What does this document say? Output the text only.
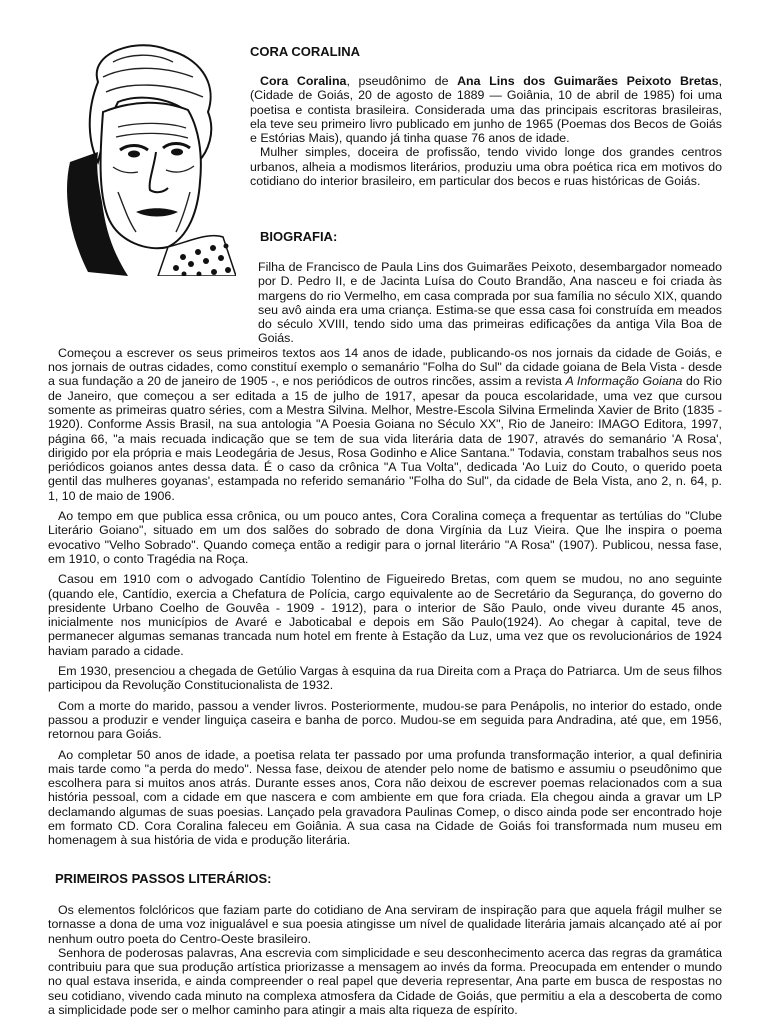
CORA CORALINA

Cora Coralina, pseudônimo de Ana Lins dos Guimarães Peixoto Bretas, (Cidade de Goiás, 20 de agosto de 1889 — Goiânia, 10 de abril de 1985) foi uma poetisa e contista brasileira. Considerada uma das principais escritoras brasileiras, ela teve seu primeiro livro publicado em junho de 1965 (Poemas dos Becos de Goiás e Estórias Mais), quando já tinha quase 76 anos de idade.

Mulher simples, doceira de profissão, tendo vivido longe dos grandes centros urbanos, alheia a modismos literários, produziu uma obra poética rica em motivos do cotidiano do interior brasileiro, em particular dos becos e ruas históricas de Goiás.

BIOGRAFIA:

Filha de Francisco de Paula Lins dos Guimarães Peixoto, desembargador nomeado por D. Pedro II, e de Jacinta Luísa do Couto Brandão, Ana nasceu e foi criada às margens do rio Vermelho, em casa comprada por sua família no século XIX, quando seu avô ainda era uma criança. Estima-se que essa casa foi construída em meados do século XVIII, tendo sido uma das primeiras edificações da antiga Vila Boa de Goiás.

Começou a escrever os seus primeiros textos aos 14 anos de idade, publicando-os nos jornais da cidade de Goiás, e nos jornais de outras cidades, como constituí exemplo o semanário "Folha do Sul" da cidade goiana de Bela Vista - desde a sua fundação a 20 de janeiro de 1905 -, e nos periódicos de outros rincões, assim a revista A Informação Goiana do Rio de Janeiro, que começou a ser editada a 15 de julho de 1917, apesar da pouca escolaridade, uma vez que cursou somente as primeiras quatro séries, com a Mestra Silvina. Melhor, Mestre-Escola Silvina Ermelinda Xavier de Brito (1835 - 1920). Conforme Assis Brasil, na sua antologia "A Poesia Goiana no Século XX", Rio de Janeiro: IMAGO Editora, 1997, página 66, "a mais recuada indicação que se tem de sua vida literária data de 1907, através do semanário 'A Rosa', dirigido por ela própria e mais Leodegária de Jesus, Rosa Godinho e Alice Santana." Todavia, constam trabalhos seus nos periódicos goianos antes dessa data. É o caso da crônica "A Tua Volta", dedicada 'Ao Luiz do Couto, o querido poeta gentil das mulheres goyanas', estampada no referido semanário "Folha do Sul", da cidade de Bela Vista, ano 2, n. 64, p. 1, 10 de maio de 1906.

Ao tempo em que publica essa crônica, ou um pouco antes, Cora Coralina começa a frequentar as tertúlias do "Clube Literário Goiano", situado em um dos salões do sobrado de dona Virgínia da Luz Vieira. Que lhe inspira o poema evocativo "Velho Sobrado". Quando começa então a redigir para o jornal literário "A Rosa" (1907). Publicou, nessa fase, em 1910, o conto Tragédia na Roça.

Casou em 1910 com o advogado Cantídio Tolentino de Figueiredo Bretas, com quem se mudou, no ano seguinte (quando ele, Cantídio, exercia a Chefatura de Polícia, cargo equivalente ao de Secretário da Segurança, do governo do presidente Urbano Coelho de Gouvêa - 1909 - 1912), para o interior de São Paulo, onde viveu durante 45 anos, inicialmente nos municípios de Avaré e Jaboticabal e depois em São Paulo(1924). Ao chegar à capital, teve de permanecer algumas semanas trancada num hotel em frente à Estação da Luz, uma vez que os revolucionários de 1924 haviam parado a cidade.

Em 1930, presenciou a chegada de Getúlio Vargas à esquina da rua Direita com a Praça do Patriarca. Um de seus filhos participou da Revolução Constitucionalista de 1932.

Com a morte do marido, passou a vender livros. Posteriormente, mudou-se para Penápolis, no interior do estado, onde passou a produzir e vender linguiça caseira e banha de porco. Mudou-se em seguida para Andradina, até que, em 1956, retornou para Goiás.

Ao completar 50 anos de idade, a poetisa relata ter passado por uma profunda transformação interior, a qual definiria mais tarde como "a perda do medo". Nessa fase, deixou de atender pelo nome de batismo e assumiu o pseudônimo que escolhera para si muitos anos atrás. Durante esses anos, Cora não deixou de escrever poemas relacionados com a sua história pessoal, com a cidade em que nascera e com ambiente em que fora criada. Ela chegou ainda a gravar um LP declamando algumas de suas poesias. Lançado pela gravadora Paulinas Comep, o disco ainda pode ser encontrado hoje em formato CD. Cora Coralina faleceu em Goiânia. A sua casa na Cidade de Goiás foi transformada num museu em homenagem à sua história de vida e produção literária.

PRIMEIROS PASSOS LITERÁRIOS:

Os elementos folclóricos que faziam parte do cotidiano de Ana serviram de inspiração para que aquela frágil mulher se tornasse a dona de uma voz inigualável e sua poesia atingisse um nível de qualidade literária jamais alcançado até aí por nenhum outro poeta do Centro-Oeste brasileiro.

Senhora de poderosas palavras, Ana escrevia com simplicidade e seu desconhecimento acerca das regras da gramática contribuiu para que sua produção artística priorizasse a mensagem ao invés da forma. Preocupada em entender o mundo no qual estava inserida, e ainda compreender o real papel que deveria representar, Ana parte em busca de respostas no seu cotidiano, vivendo cada minuto na complexa atmosfera da Cidade de Goiás, que permitiu a ela a descoberta de como a simplicidade pode ser o melhor caminho para atingir a mais alta riqueza de espírito.
